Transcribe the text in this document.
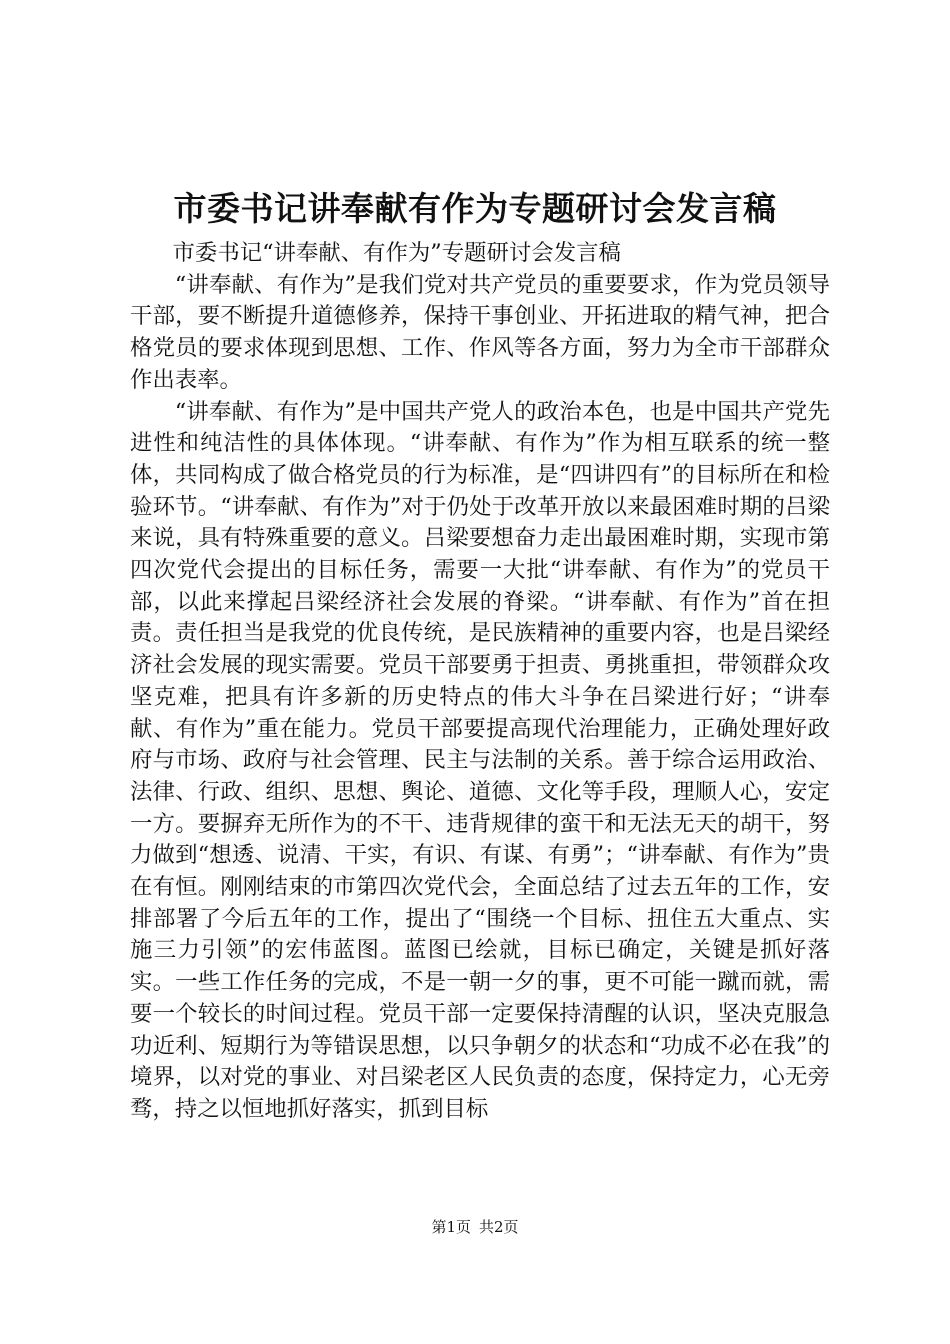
市委书记讲奉献有作为专题研讨会发言稿

市委书记“讲奉献、有作为”专题研讨会发言稿

“讲奉献、有作为”是我们党对共产党员的重要要求，作为党员领导干部，要不断提升道德修养，保持干事创业、开拓进取的精气神，把合格党员的要求体现到思想、工作、作风等各方面，努力为全市干部群众作出表率。

“讲奉献、有作为”是中国共产党人的政治本色，也是中国共产党先进性和纯洁性的具体体现。“讲奉献、有作为”作为相互联系的统一整体，共同构成了做合格党员的行为标准，是“四讲四有”的目标所在和检验环节。“讲奉献、有作为”对于仍处于改革开放以来最困难时期的吕梁来说，具有特殊重要的意义。吕梁要想奋力走出最困难时期，实现市第四次党代会提出的目标任务，需要一大批“讲奉献、有作为”的党员干部，以此来撑起吕梁经济社会发展的脊梁。“讲奉献、有作为”首在担责。责任担当是我党的优良传统，是民族精神的重要内容，也是吕梁经济社会发展的现实需要。党员干部要勇于担责、勇挑重担，带领群众攻坚克难，把具有许多新的历史特点的伟大斗争在吕梁进行好；“讲奉献、有作为”重在能力。党员干部要提高现代治理能力，正确处理好政府与市场、政府与社会管理、民主与法制的关系。善于综合运用政治、法律、行政、组织、思想、舆论、道德、文化等手段，理顺人心，安定一方。要摒弃无所作为的不干、违背规律的蛮干和无法无天的胡干，努力做到“想透、说清、干实，有识、有谋、有勇”；“讲奉献、有作为”贵在有恒。刚刚结束的市第四次党代会，全面总结了过去五年的工作，安排部署了今后五年的工作，提出了“围绕一个目标、扭住五大重点、实施三力引领”的宏伟蓝图。蓝图已绘就，目标已确定，关键是抓好落实。一些工作任务的完成，不是一朝一夕的事，更不可能一蹴而就，需要一个较长的时间过程。党员干部一定要保持清醒的认识，坚决克服急功近利、短期行为等错误思想，以只争朝夕的状态和“功成不必在我”的境界，以对党的事业、对吕梁老区人民负责的态度，保持定力，心无旁骛，持之以恒地抓好落实，抓到目标

第1页 共2页
